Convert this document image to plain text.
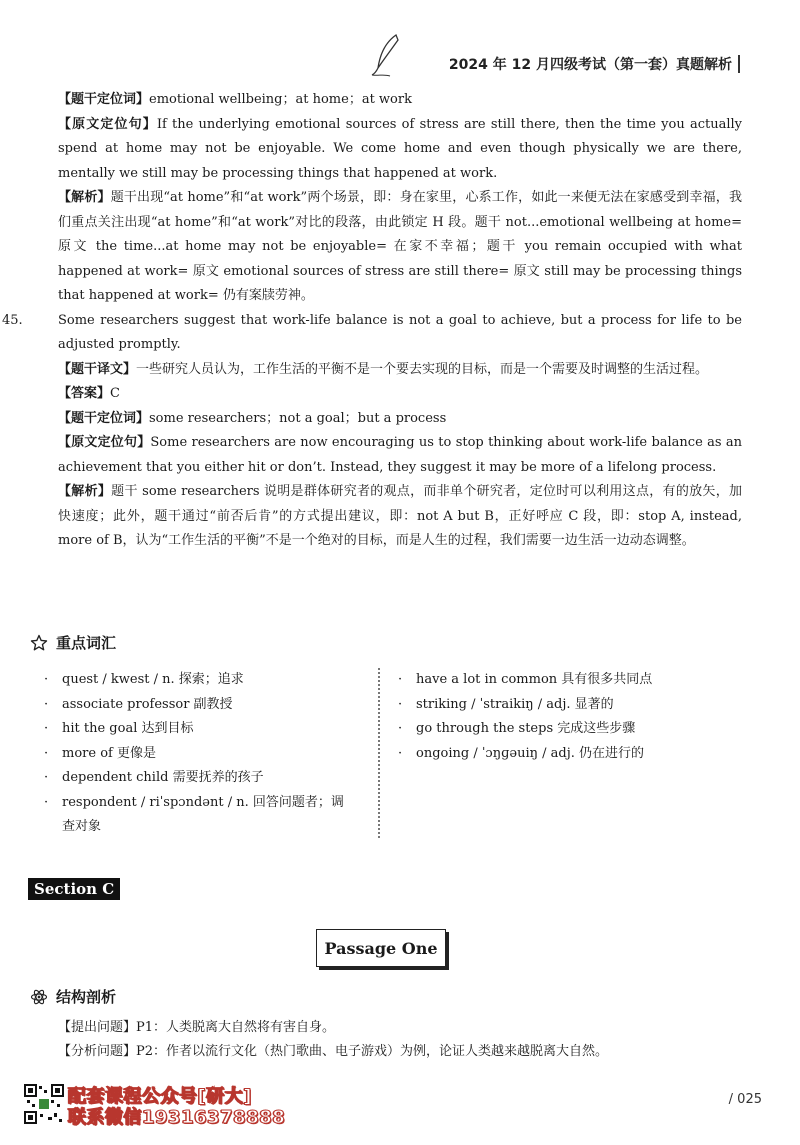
2024 年 12 月四级考试（第一套）真题解析

【题干定位词】emotional wellbeing；at home；at work

【原文定位句】If the underlying emotional sources of stress are still there, then the time you actually spend at home may not be enjoyable. We come home and even though physically we are there, mentally we still may be processing things that happened at work.

【解析】题干出现“at home”和“at work”两个场景，即：身在家里，心系工作，如此一来便无法在家感受到幸福，我们重点关注出现“at home”和“at work”对比的段落，由此锁定 H 段。题干 not...emotional wellbeing at home= 原文 the time...at home may not be enjoyable= 在家不幸福；题干 you remain occupied with what happened at work= 原文 emotional sources of stress are still there= 原文 still may be processing things that happened at work= 仍有案牍劳神。

45.	Some researchers suggest that work-life balance is not a goal to achieve, but a process for life to be adjusted promptly.

【题干译文】一些研究人员认为，工作生活的平衡不是一个要去实现的目标，而是一个需要及时调整的生活过程。

【答案】C

【题干定位词】some researchers；not a goal；but a process

【原文定位句】Some researchers are now encouraging us to stop thinking about work-life balance as an achievement that you either hit or don’t. Instead, they suggest it may be more of a lifelong process.

【解析】题干 some researchers 说明是群体研究者的观点，而非单个研究者，定位时可以利用这点，有的放矢，加快速度；此外，题干通过“前否后肯”的方式提出建议，即：not A but B，正好呼应 C 段，即：stop A, instead, more of B，认为“工作生活的平衡”不是一个绝对的目标，而是人生的过程，我们需要一边生活一边动态调整。

重点词汇
·	quest / kwest / n. 探索；追求
·	associate professor 副教授
·	hit the goal 达到目标
·	more of 更像是
·	dependent child 需要抚养的孩子
·	respondent / riˈspɔndənt / n. 回答问题者；调查对象
·	have a lot in common 具有很多共同点
·	striking / ˈstraikiŋ / adj. 显著的
·	go through the steps 完成这些步骤
·	ongoing / ˈɔŋɡəuiŋ / adj. 仍在进行的
Section C
Passage One
结构剖析

【提出问题】P1：人类脱离大自然将有害自身。

【分析问题】P2：作者以流行文化（热门歌曲、电子游戏）为例，论证人类越来越脱离大自然。

配套课程公众号[研大]
联系微信19316378888
/ 025
